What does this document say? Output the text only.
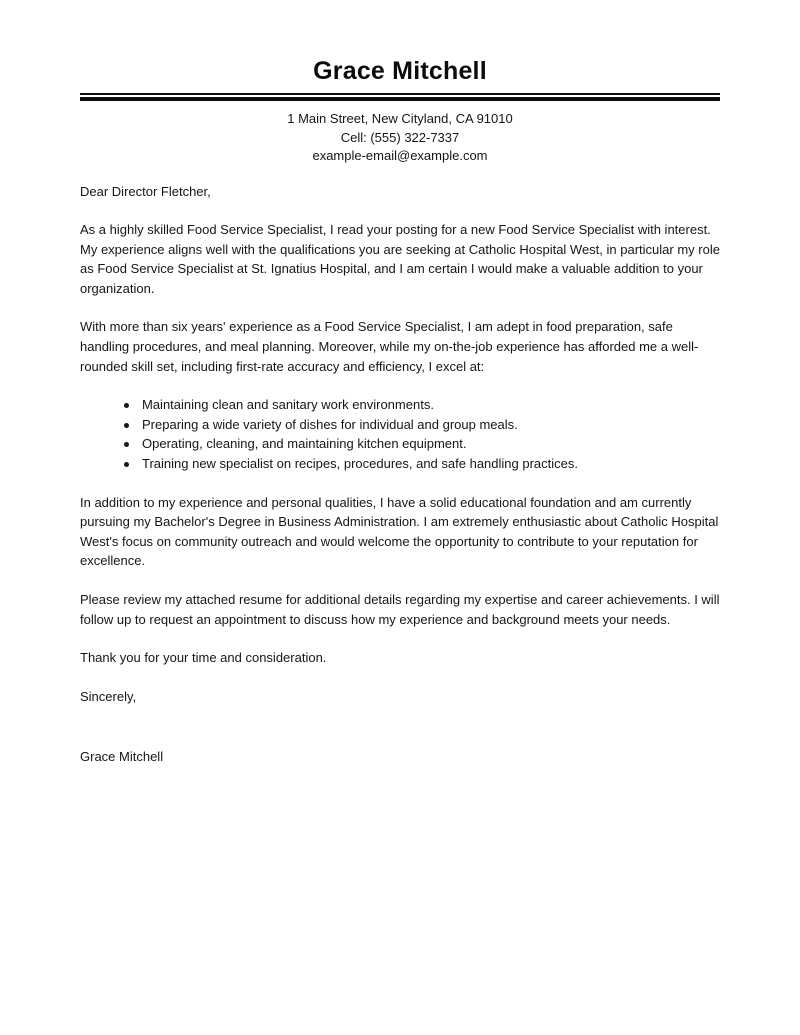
Grace Mitchell
1 Main Street, New Cityland, CA 91010
Cell: (555) 322-7337
example-email@example.com
Dear Director Fletcher,
As a highly skilled Food Service Specialist, I read your posting for a new Food Service Specialist with interest. My experience aligns well with the qualifications you are seeking at Catholic Hospital West, in particular my role as Food Service Specialist at St. Ignatius Hospital, and I am certain I would make a valuable addition to your organization.
With more than six years' experience as a Food Service Specialist, I am adept in food preparation, safe handling procedures, and meal planning. Moreover, while my on-the-job experience has afforded me a well-rounded skill set, including first-rate accuracy and efficiency, I excel at:
Maintaining clean and sanitary work environments.
Preparing a wide variety of dishes for individual and group meals.
Operating, cleaning, and maintaining kitchen equipment.
Training new specialist on recipes, procedures, and safe handling practices.
In addition to my experience and personal qualities, I have a solid educational foundation and am currently pursuing my Bachelor's Degree in Business Administration. I am extremely enthusiastic about Catholic Hospital West's focus on community outreach and would welcome the opportunity to contribute to your reputation for excellence.
Please review my attached resume for additional details regarding my expertise and career achievements. I will follow up to request an appointment to discuss how my experience and background meets your needs.
Thank you for your time and consideration.
Sincerely,
Grace Mitchell
